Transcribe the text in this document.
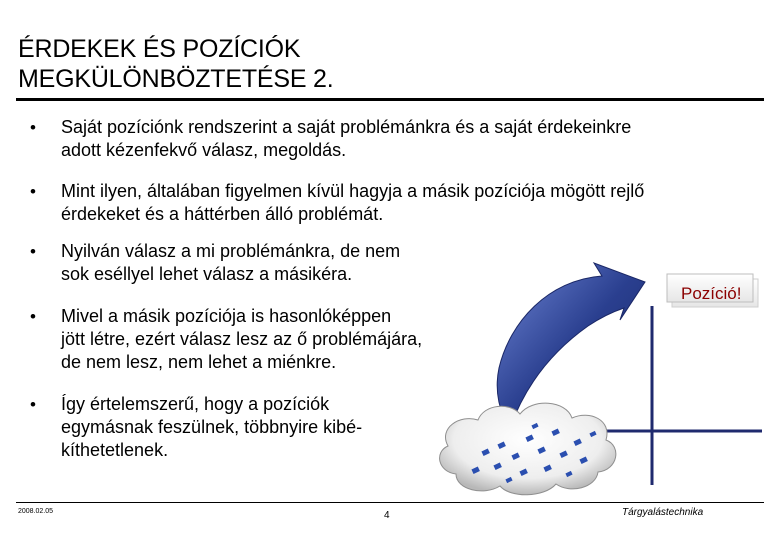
ÉRDEKEK ÉS POZÍCIÓK
MEGKÜLÖNBÖZTETÉSE 2.
• Saját pozíciónk rendszerint a saját problémánkra és a saját érdekeinkre
adott kézenfekvő válasz, megoldás.
• Mint ilyen, általában figyelmen kívül hagyja a másik pozíciója mögött rejlő
érdekeket és a háttérben álló problémát.
• Nyilván válasz a mi problémánkra, de nem
sok eséllyel lehet válasz a másikéra.
• Mivel a másik pozíciója is hasonlóképpen
jött létre, ezért válasz lesz az ő problémájára,
de nem lesz, nem lehet a miénkre.
• Így értelemszerű, hogy a pozíciók
egymásnak feszülnek, többnyire kibé-
kíthetetlenek.
Pozíció!
2008.02.05	4	Tárgyalástechnika
